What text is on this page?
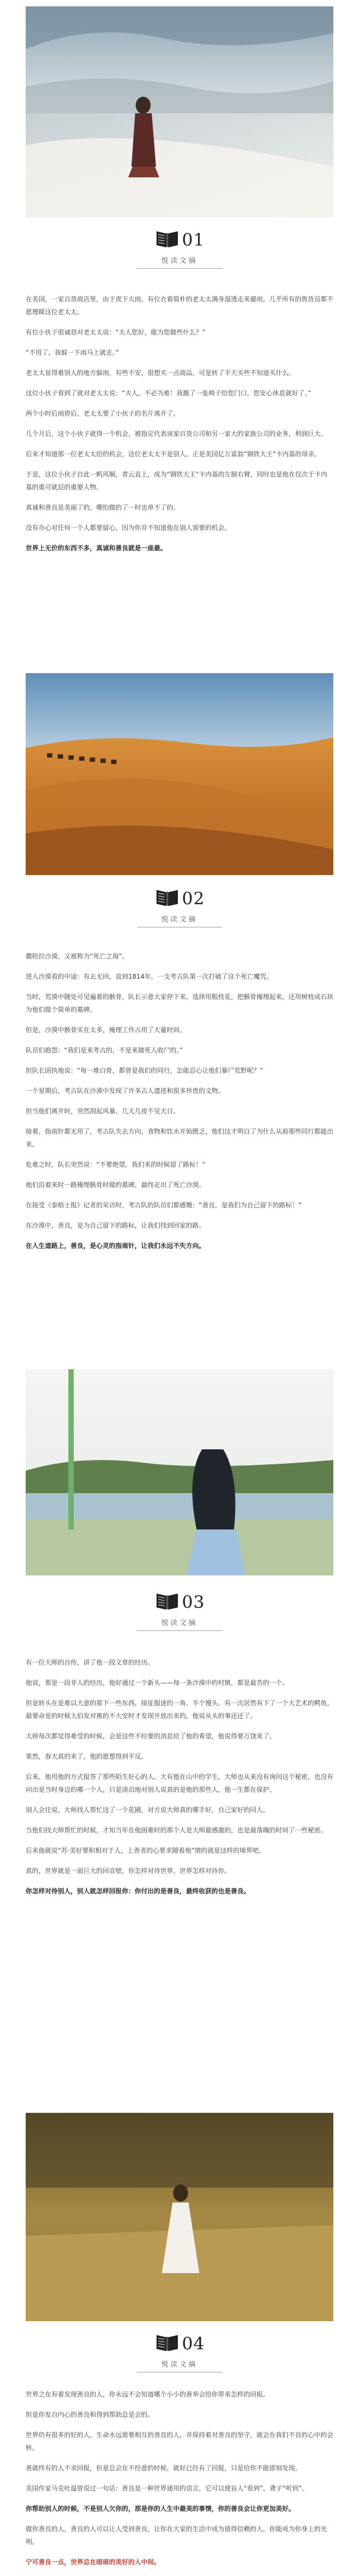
01
悦读文摘

在美国，一家百货商店里，由于夜下大雨，有位衣着简朴的老太太满身湿透走来避雨，几乎所有的售货员都不愿理睬这位老太太。

有位小伙子很诚恳对老太太说：“夫人您好，能为您做些什么？”

“不用了，我躲一下雨马上就走。”

老太太显得难别人的地方躲雨，有些不安，很想买一点商品，可是转了半天买些不知道买什么。

这位小伙子看到了就对老太太说：“夫人，不必为难！我搬了一张椅子给您门口，您安心休息就好了。”

两个小时后雨停后，老太太要了小伙子的名片离开了。

几个月后，这个小伙子就得一个机会，被指定代表该家百货公司和另一家大的家族公司的业务，利润巨大。

后来才知道那一位老太太给的机会，这位老太太不是别人，正是美国亿万富翁“钢铁大王”卡内基的母亲。

于是，这位小伙子自此一帆风顺，青云直上，成为“钢铁大王”卡内基的左膀右臂，同时也是他在仅次于卡内基的重可就层的重要人物。

真诚和善良是美丽了的，哪怕做的了一时也单不了的。

没有办心对任何一个人都要留心，因为你并不知道他在别人需要的机会。

世界上无价的东西不多，真诚和善良就是一座最。

02
悦读文摘

撒哈拉沙漠，又被称为“死亡之海”。

进入沙漠看的中途：有去无回，直到1814年，一支考古队第一次打破了这个死亡魔咒。

当时，荒漠中随处可见遍着的骸骨，队长示意大家停下来，选择用粗枝花，把骸骨掩埋起来，还用树枝或石块为他们做个简单的墓碑。

但是，沙漠中骸骨实在太多，掩埋工作占用了大量时间。

队员们抱怨：“我们是来考古的，不是来做死人收尸的。”

但队长固执地说：“每一堆白骨，都曾是我们的同行，怎能忍心让他们暴尸荒野呢？”

一个星期后，考古队在沙漠中发现了许多古人遗迹和很多珍贵的文物。

但当他们离开时，突然刮起风暴，几天几夜不见天日。

接着，指南针都无用了，考古队失去方向，食物和饮水开始匮乏，他们这才明白了为什么从前那些同行都能出来。

危难之时，队长突然说：“不要绝望，我们来的时候留了路标！”

他们沿着来时一路掩埋骸骨时做的墓碑，最终走出了死亡沙漠。

在接受《泰晤士报》记者的采访时，考古队的队员们都感慨：“善良，是我们为自己留下的路标！”

在沙漠中，善良，是为自己留下的路标，让我们找到回家的路。

在人生道路上，善良，是心灵的指南针，让我们永远不失方向。

03
悦读文摘

有一位大师的自传，讲了他一段文章的经历。

他说，那是一段非人的经历，他好通过一个新头——每一条沙漠中的村镇，都是最苦的一个。

但是转头在是难以大意的那下一些东西，接征服迷的一角，半个馒头，有一次居然有下了一个大艺术的鳄鱼，最要命是的时候大伯发对蕉的不大安时才发现开放出来的，他说从头的事还还了。

大师每次都觉得难受的时候，会是这些不经要的消息给了他的希望，他说得要万饶来了。

果然，春天真的来了，他的愿想得到平反。

后来，他用他的方式报答了那些陌生好心的人。大有他在山中的学生，大师也从来没有询问这个秘密，也没有问出是当时身边的哪一个人，只是淡泊地对别人说真的是他的那些人，他一生都在保护。

别人会往说，大师找人帮忙这了一个花圃，对方说大师真的哪手好，自己家好的同人。

当他们找大师帮忙的时候，才知当年在他困难时的那个人是大师最感激的，也是最落魄的时间了一些秘密。

后来他就说“苏·美好要积相对于人，上善者的心要求随着地”情的就是这样的境界吧。

真的，世界就是一面巨大的回音壁，你怎样对待世界，世界怎样对待你。

你怎样对待别人，别人就怎样回报你：你付出的是善良，最终收获的也是善良。

04
悦读文摘

世界之在有着发现善良的人，你永远不会知道哪个小小的善举会给你带来怎样的回报。

但是你发自内心的善良和得到帮助总是会的。

世界仍有很多的好的人，生命永远需要相互的善良的人，并保持着对善良的坚守，就会在我们不良的心中的会转。

善就终有的人不求回报，但是总会在不经意的时候，就好已经有了回报，只是给你不能即刻发现。

美国作家马克吐温曾说过一句话：善良是一种世界通用的语言，它可以使盲人“看到”，聋子“听到”。

你帮助别人的时候，不是别人欠你的，那是你的人生中最美的事情，你的善良会让你更加美好。

做你善良的人，善良的人可以让人受到善良，让你在大家的生活中成为值得信赖的人，你能成为你身上的光明。

宁可善良一点，世界总在暗暗的美好的人中间。
